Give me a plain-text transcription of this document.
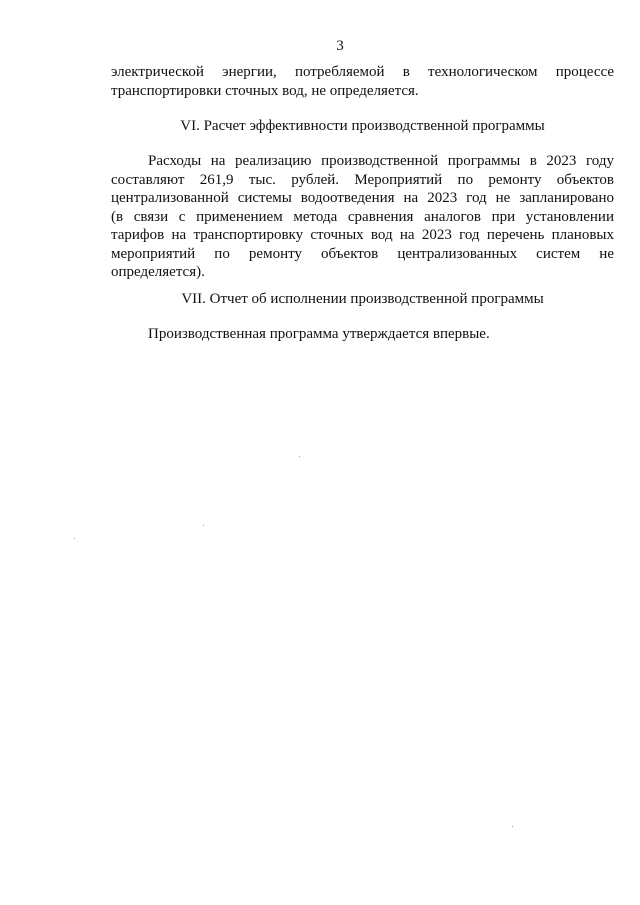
3
электрической энергии, потребляемой в технологическом процессе
транспортировки сточных вод, не определяется.
VI. Расчет эффективности производственной программы
Расходы на реализацию производственной программы в 2023 году
составляют 261,9 тыс. рублей. Мероприятий по ремонту объектов
централизованной системы водоотведения на 2023 год не запланировано
(в связи с применением метода сравнения аналогов при установлении
тарифов на транспортировку сточных вод на 2023 год перечень плановых
мероприятий по ремонту объектов централизованных систем не
определяется).
VII. Отчет об исполнении производственной программы
Производственная программа утверждается впервые.
